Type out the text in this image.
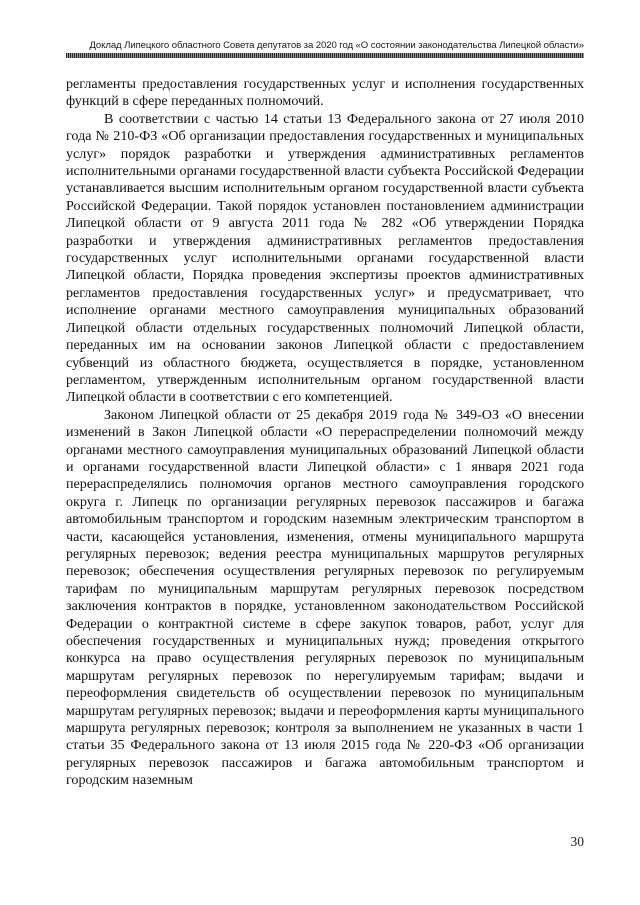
Доклад Липецкого областного Совета депутатов за 2020 год «О состоянии законодательства Липецкой области»

регламенты предоставления государственных услуг и исполнения государственных функций в сфере переданных полномочий.

В соответствии с частью 14 статьи 13 Федерального закона от 27 июля 2010 года № 210-ФЗ «Об организации предоставления государственных и муниципальных услуг» порядок разработки и утверждения административных регламентов исполнительными органами государственной власти субъекта Российской Федерации устанавливается высшим исполнительным органом государственной власти субъекта Российской Федерации. Такой порядок установлен постановлением администрации Липецкой области от 9 августа 2011 года № 282 «Об утверждении Порядка разработки и утверждения административных регламентов предоставления государственных услуг исполнительными органами государственной власти Липецкой области, Порядка проведения экспертизы проектов административных регламентов предоставления государственных услуг» и предусматривает, что исполнение органами местного самоуправления муниципальных образований Липецкой области отдельных государственных полномочий Липецкой области, переданных им на основании законов Липецкой области с предоставлением субвенций из областного бюджета, осуществляется в порядке, установленном регламентом, утвержденным исполнительным органом государственной власти Липецкой области в соответствии с его компетенцией.

Законом Липецкой области от 25 декабря 2019 года № 349-ОЗ «О внесении изменений в Закон Липецкой области «О перераспределении полномочий между органами местного самоуправления муниципальных образований Липецкой области и органами государственной власти Липецкой области» с 1 января 2021 года перераспределялись полномочия органов местного самоуправления городского округа г. Липецк по организации регулярных перевозок пассажиров и багажа автомобильным транспортом и городским наземным электрическим транспортом в части, касающейся установления, изменения, отмены муниципального маршрута регулярных перевозок; ведения реестра муниципальных маршрутов регулярных перевозок; обеспечения осуществления регулярных перевозок по регулируемым тарифам по муниципальным маршрутам регулярных перевозок посредством заключения контрактов в порядке, установленном законодательством Российской Федерации о контрактной системе в сфере закупок товаров, работ, услуг для обеспечения государственных и муниципальных нужд; проведения открытого конкурса на право осуществления регулярных перевозок по муниципальным маршрутам регулярных перевозок по нерегулируемым тарифам; выдачи и переоформления свидетельств об осуществлении перевозок по муниципальным маршрутам регулярных перевозок; выдачи и переоформления карты муниципального маршрута регулярных перевозок; контроля за выполнением не указанных в части 1 статьи 35 Федерального закона от 13 июля 2015 года № 220-ФЗ «Об организации регулярных перевозок пассажиров и багажа автомобильным транспортом и городским наземным

30
